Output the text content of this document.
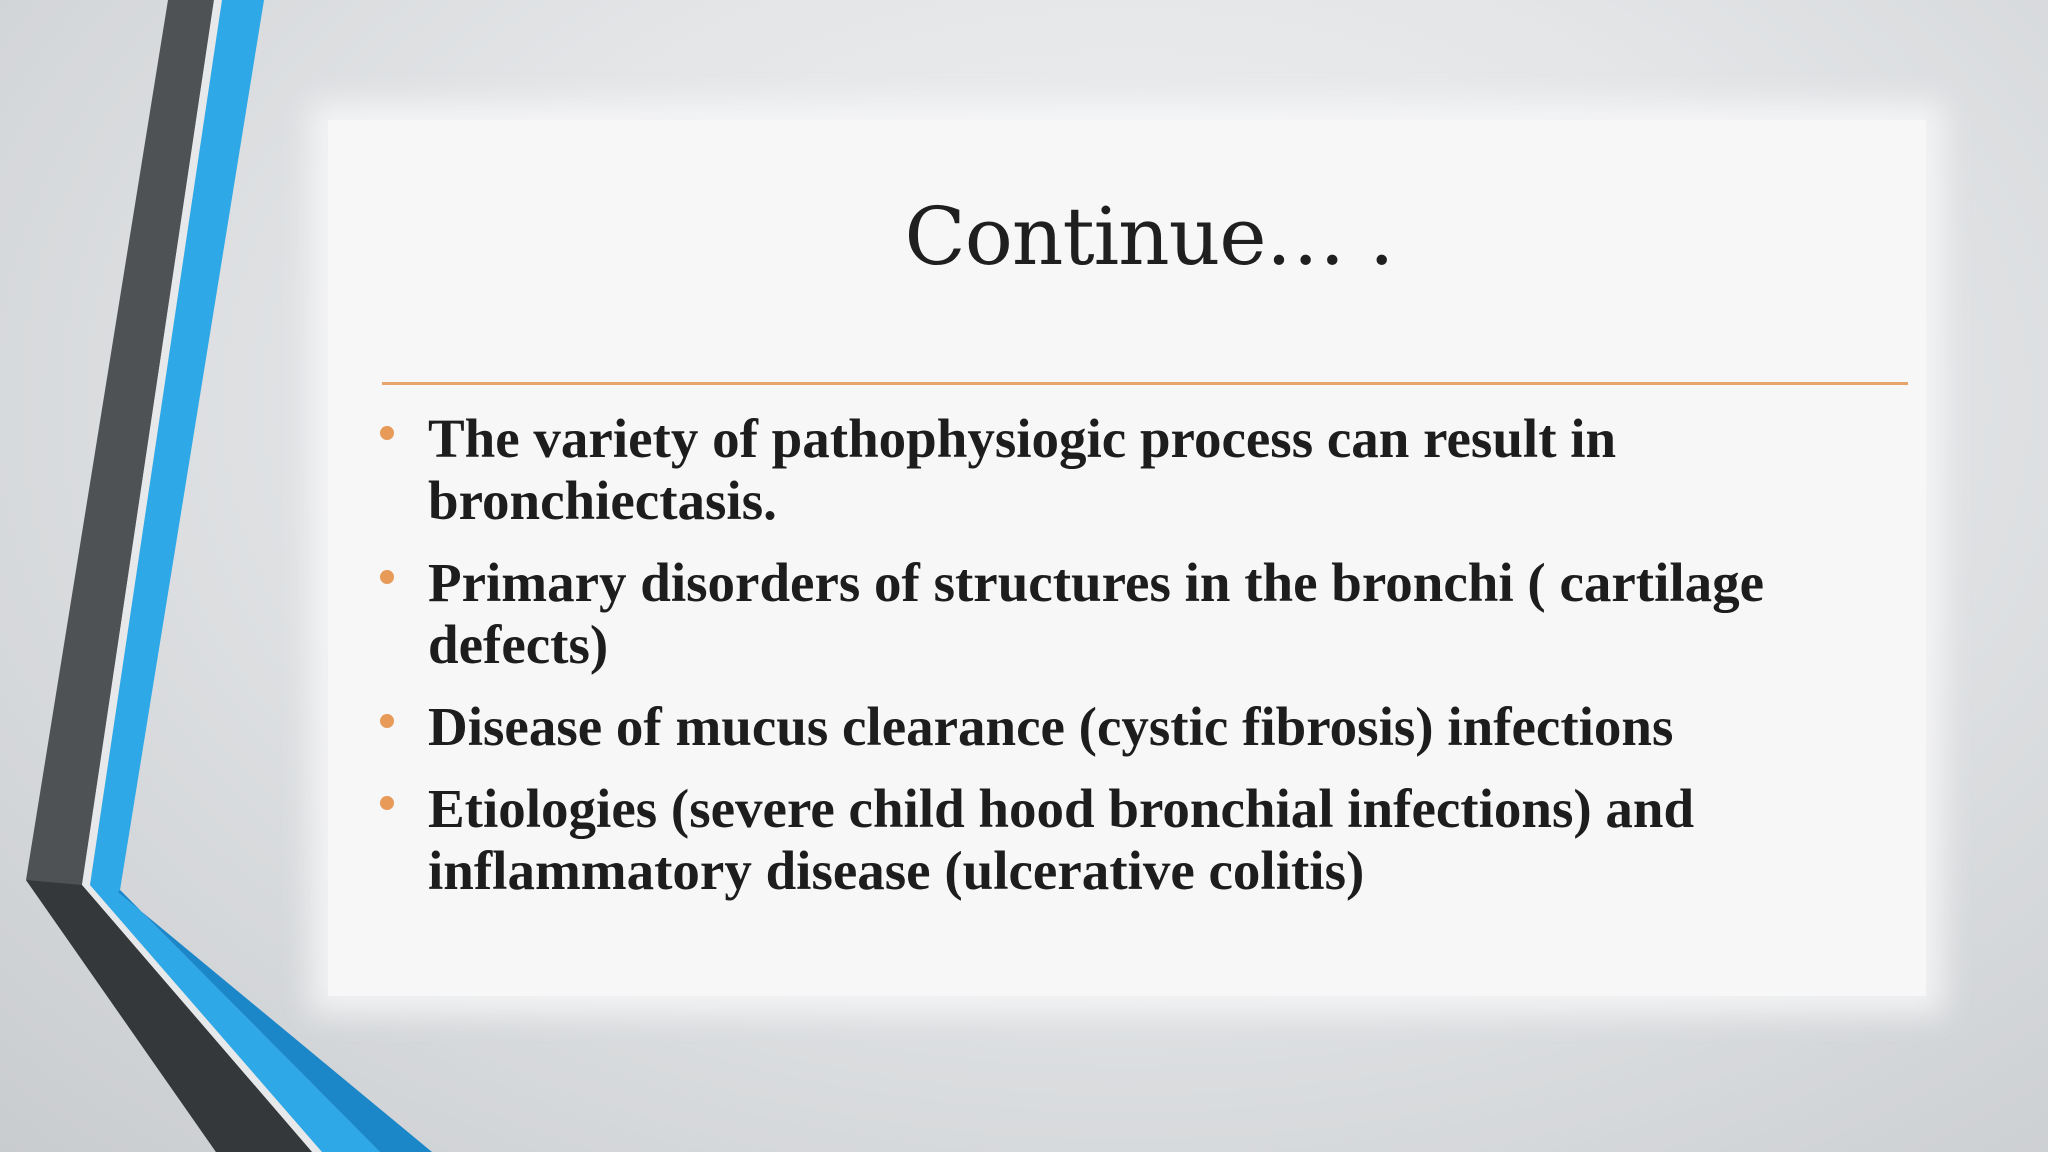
Continue… .
The variety of pathophysiogic process can result in bronchiectasis.
Primary disorders of structures in the bronchi ( cartilage defects)
Disease of mucus clearance (cystic fibrosis) infections
Etiologies (severe child hood bronchial infections) and inflammatory disease (ulcerative colitis)
